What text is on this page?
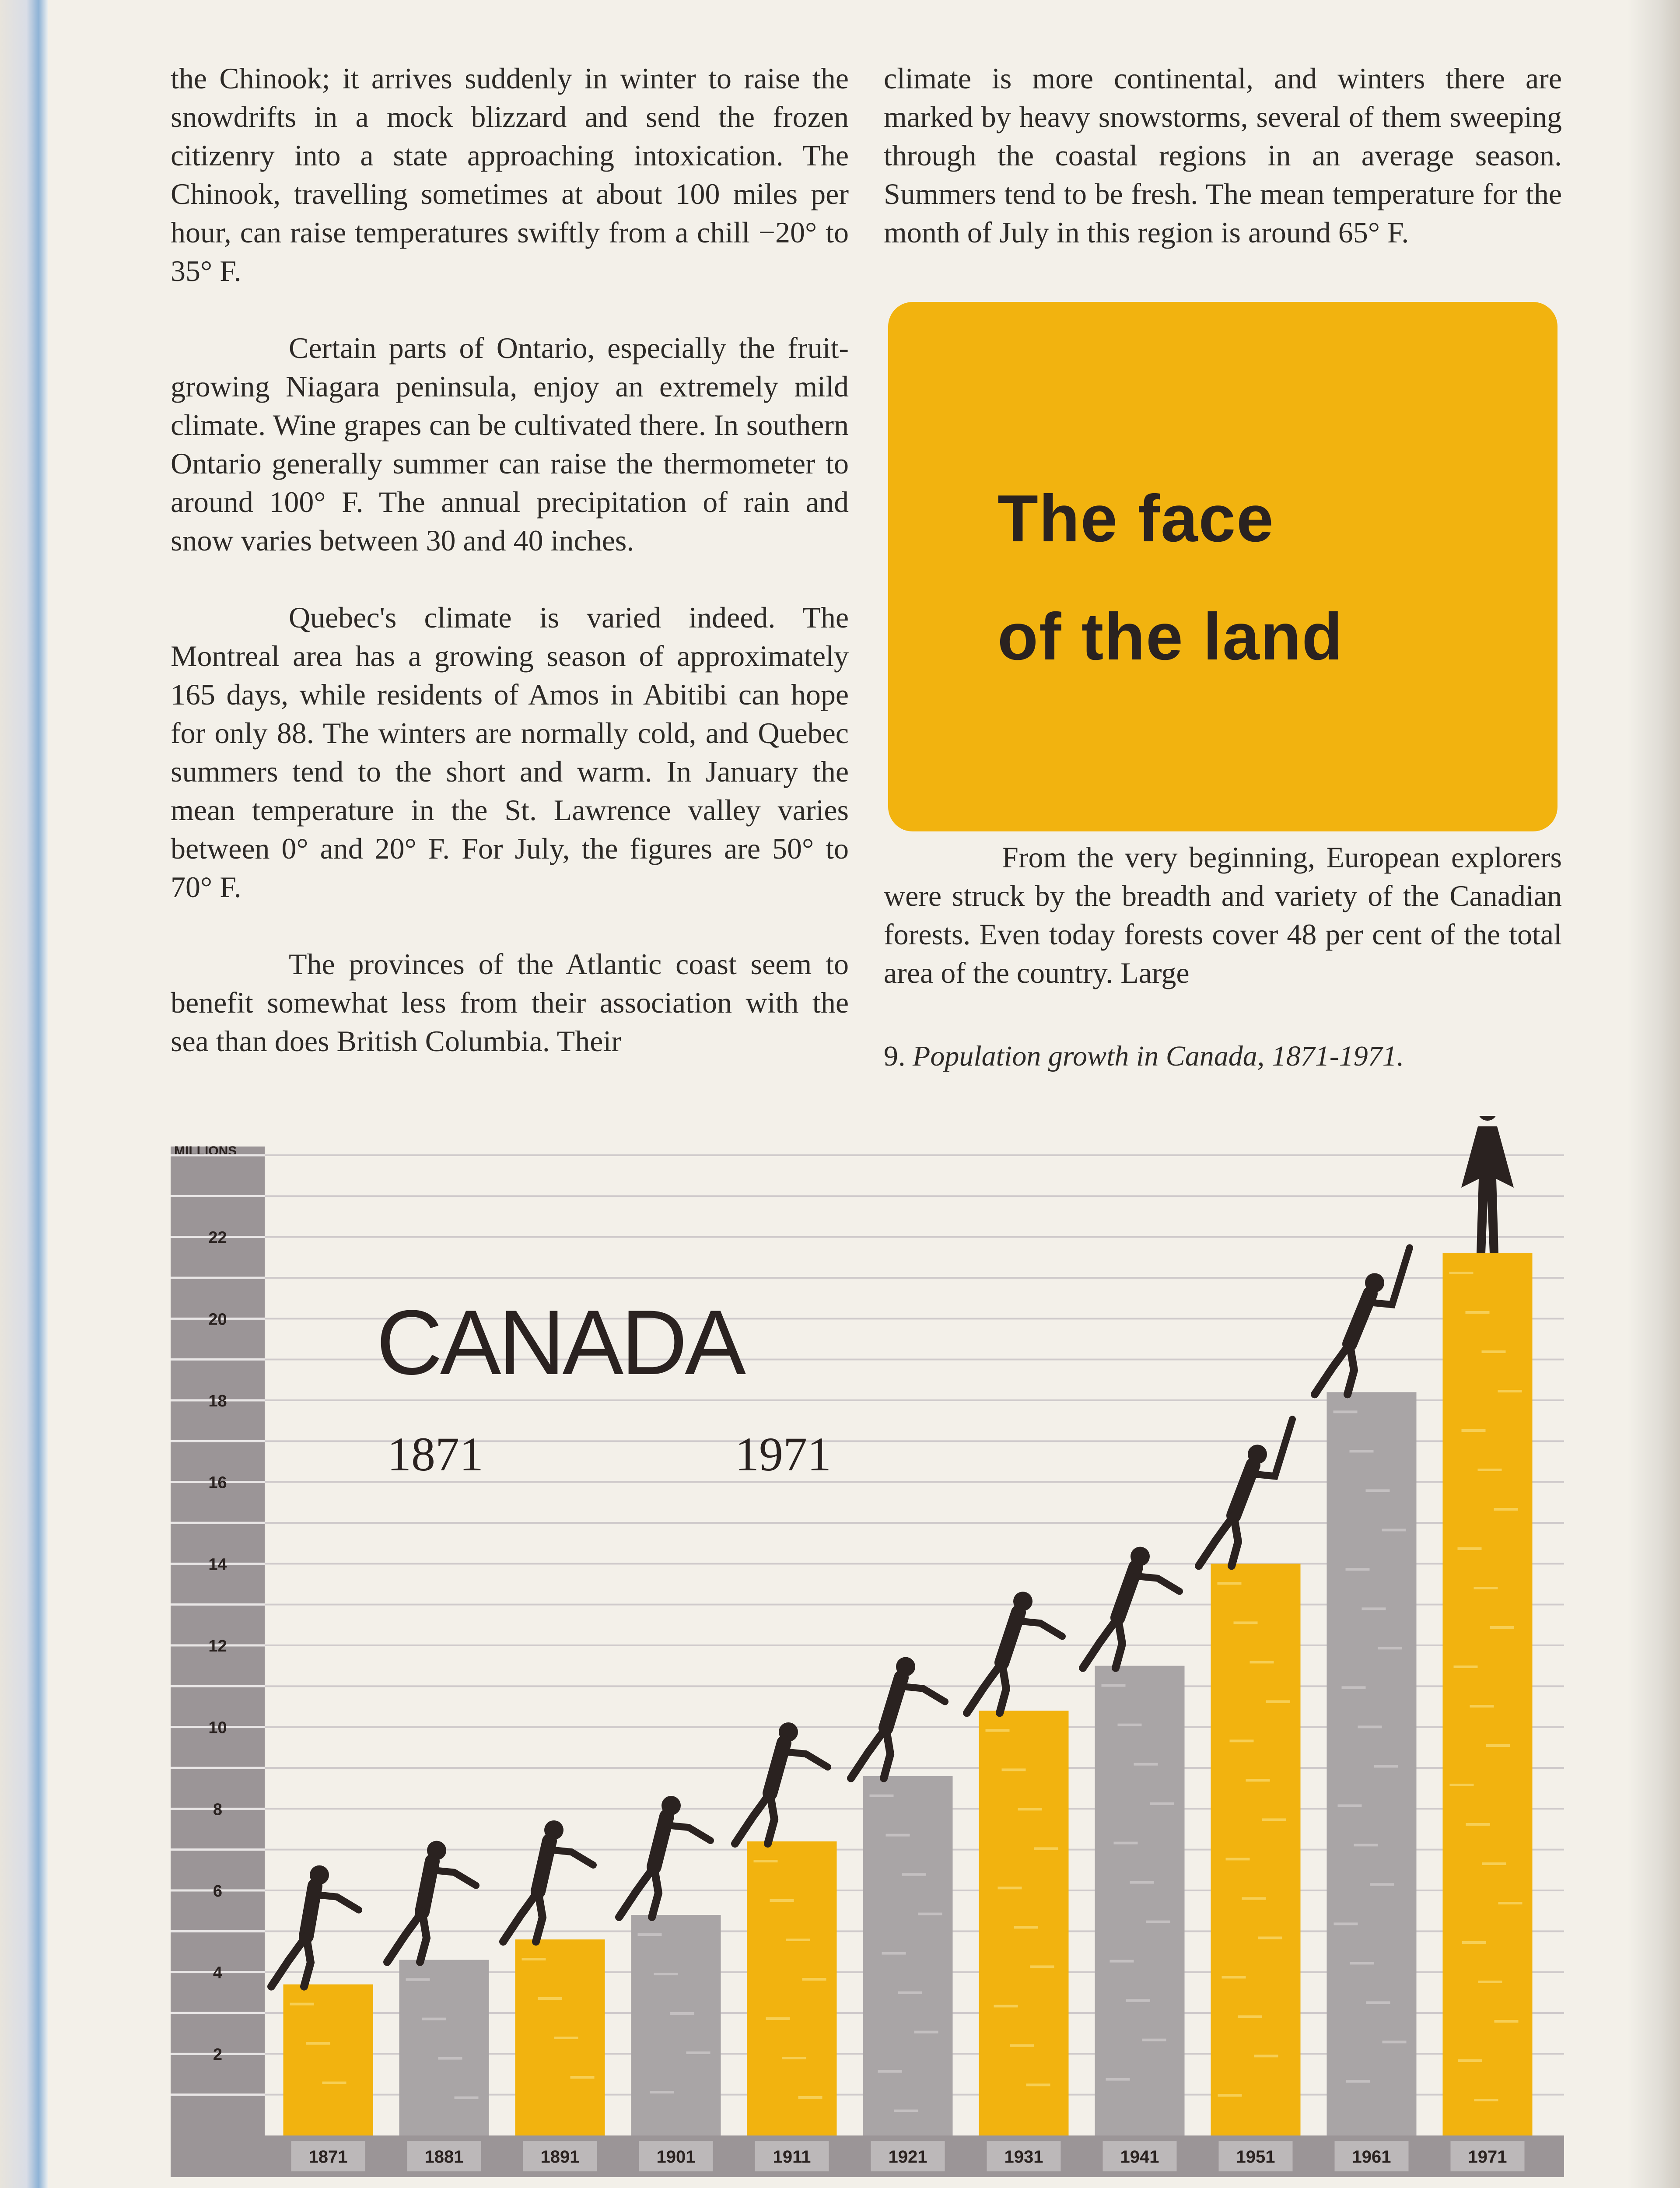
the Chinook; it arrives suddenly in winter to raise the snowdrifts in a mock blizzard and send the frozen citizenry into a state approaching intoxication. The Chinook, travelling sometimes at about 100 miles per hour, can raise temperatures swiftly from a chill −20° to 35° F.

Certain parts of Ontario, especially the fruit-growing Niagara peninsula, enjoy an extremely mild climate. Wine grapes can be cultivated there. In southern Ontario generally summer can raise the thermometer to around 100° F. The annual precipitation of rain and snow varies between 30 and 40 inches.

Quebec's climate is varied indeed. The Montreal area has a growing season of approximately 165 days, while residents of Amos in Abitibi can hope for only 88. The winters are normally cold, and Quebec summers tend to the short and warm. In January the mean temperature in the St. Lawrence valley varies between 0° and 20° F. For July, the figures are 50° to 70° F.

The provinces of the Atlantic coast seem to benefit somewhat less from their association with the sea than does British Columbia. Their

climate is more continental, and winters there are marked by heavy snowstorms, several of them sweeping through the coastal regions in an average season. Summers tend to be fresh. The mean temperature for the month of July in this region is around 65° F.

The face
of the land

From the very beginning, European explorers were struck by the breadth and variety of the Canadian forests. Even today forests cover 48 per cent of the total area of the country. Large

9. Population growth in Canada, 1871-1971.
MILLIONS
2
4
6
8
10
12
14
16
18
20
22
1871	1881	1891	1901	1911	1921	1931	1941	1951	1961	1971
CANADA
1871	1971
